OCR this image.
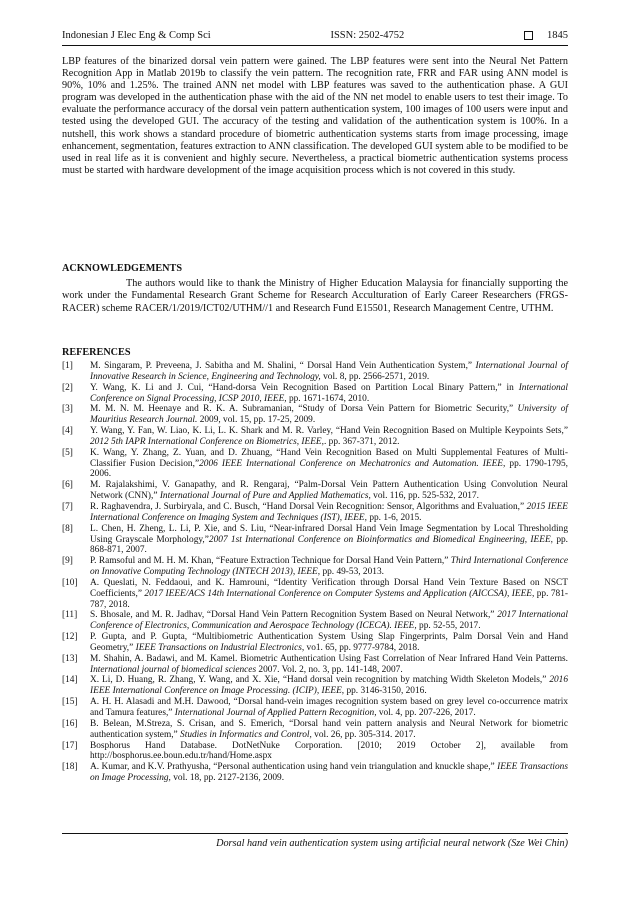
Indonesian J Elec Eng & Comp Sci	ISSN: 2502-4752	1845

LBP features of the binarized dorsal vein pattern were gained. The LBP features were sent into the Neural Net Pattern Recognition App in Matlab 2019b to classify the vein pattern. The recognition rate, FRR and FAR using ANN model is 90%, 10% and 1.25%. The trained ANN net model with LBP features was saved to the authentication phase. A GUI program was developed in the authentication phase with the aid of the NN net model to enable users to test their image. To evaluate the performance accuracy of the dorsal vein pattern authentication system, 100 images of 100 users were input and tested using the developed GUI. The accuracy of the testing and validation of the authentication system is 100%. In a nutshell, this work shows a standard procedure of biometric authentication systems starts from image processing, image enhancement, segmentation, features extraction to ANN classification. The developed GUI system able to be modified to be used in real life as it is convenient and highly secure. Nevertheless, a practical biometric authentication systems process must be started with hardware development of the image acquisition process which is not covered in this study.

ACKNOWLEDGEMENTS

The authors would like to thank the Ministry of Higher Education Malaysia for financially supporting the work under the Fundamental Research Grant Scheme for Research Acculturation of Early Career Researchers (FRGS-RACER) scheme RACER/1/2019/ICT02/UTHM//1 and Research Fund E15501, Research Management Centre, UTHM.

REFERENCES

[1]	M. Singaram, P. Preveena, J. Sabitha and M. Shalini, “ Dorsal Hand Vein Authentication System,” International Journal of Innovative Research in Science, Engineering and Technology, vol. 8, pp. 2566-2571, 2019.
[2]	Y. Wang, K. Li and J. Cui, “Hand-dorsa Vein Recognition Based on Partition Local Binary Pattern,” in International Conference on Signal Processing, ICSP 2010, IEEE, pp. 1671-1674, 2010.
[3]	M. M. N. M. Heenaye and R. K. A. Subramanian, “Study of Dorsa Vein Pattern for Biometric Security,” University of Mauritius Research Journal. 2009, vol. 15, pp. 17-25, 2009.
[4]	Y. Wang, Y. Fan, W. Liao, K. Li, L. K. Shark and M. R. Varley, “Hand Vein Recognition Based on Multiple Keypoints Sets,” 2012 5th IAPR International Conference on Biometrics, IEEE,. pp. 367-371, 2012.
[5]	K. Wang, Y. Zhang, Z. Yuan, and D. Zhuang, “Hand Vein Recognition Based on Multi Supplemental Features of Multi-Classifier Fusion Decision,”2006 IEEE International Conference on Mechatronics and Automation. IEEE, pp. 1790-1795, 2006.
[6]	M. Rajalakshimi, V. Ganapathy, and R. Rengaraj, “Palm-Dorsal Vein Pattern Authentication Using Convolution Neural Network (CNN),” International Journal of Pure and Applied Mathematics, vol. 116, pp. 525-532, 2017.
[7]	R. Raghavendra, J. Surbiryala, and C. Busch, “Hand Dorsal Vein Recognition: Sensor, Algorithms and Evaluation,” 2015 IEEE International Conference on Imaging System and Techniques (IST), IEEE, pp. 1-6, 2015.
[8]	L. Chen, H. Zheng, L. Li, P. Xie, and S. Liu, “Near-infrared Dorsal Hand Vein Image Segmentation by Local Thresholding Using Grayscale Morphology,”2007 1st International Conference on Bioinformatics and Biomedical Engineering, IEEE, pp. 868-871, 2007.
[9]	P. Ramsoful and M. H. M. Khan, “Feature Extraction Technique for Dorsal Hand Vein Pattern,” Third International Conference on Innovative Computing Technology (INTECH 2013), IEEE, pp. 49-53, 2013.
[10]	A. Queslati, N. Feddaoui, and K. Hamrouni, “Identity Verification through Dorsal Hand Vein Texture Based on NSCT Coefficients,” 2017 IEEE/ACS 14th International Conference on Computer Systems and Application (AICCSA), IEEE, pp. 781-787, 2018.
[11]	S. Bhosale, and M. R. Jadhav, “Dorsal Hand Vein Pattern Recognition System Based on Neural Network,” 2017 International Conference of Electronics, Communication and Aerospace Technology (ICECA). IEEE, pp. 52-55, 2017.
[12]	P. Gupta, and P. Gupta, “Multibiometric Authentication System Using Slap Fingerprints, Palm Dorsal Vein and Hand Geometry,” IEEE Transactions on Industrial Electronics, vo1. 65, pp. 9777-9784, 2018.
[13]	M. Shahin, A. Badawi, and M. Kamel. Biometric Authentication Using Fast Correlation of Near Infrared Hand Vein Patterns. International journal of biomedical sciences 2007. Vol. 2, no. 3, pp. 141-148, 2007.
[14]	X. Li, D. Huang, R. Zhang, Y. Wang, and X. Xie, “Hand dorsal vein recognition by matching Width Skeleton Models,” 2016 IEEE International Conference on Image Processing. (ICIP), IEEE, pp. 3146-3150, 2016.
[15]	A. H. H. Alasadi and M.H. Dawood, “Dorsal hand-vein images recognition system based on grey level co-occurrence matrix and Tamura features,” International Journal of Applied Pattern Recognition, vol. 4, pp. 207-226, 2017.
[16]	B. Belean, M.Streza, S. Crisan, and S. Emerich, “Dorsal hand vein pattern analysis and Neural Network for biometric authentication system,” Studies in Informatics and Control, vol. 26, pp. 305-314. 2017.
[17]	Bosphorus Hand Database. DotNetNuke Corporation. [2010; 2019 October 2], available from http://bosphorus.ee.boun.edu.tr/hand/Home.aspx
[18]	A. Kumar, and K.V. Prathyusha, “Personal authentication using hand vein triangulation and knuckle shape,” IEEE Transactions on Image Processing, vol. 18, pp. 2127-2136, 2009.
Dorsal hand vein authentication system using artificial neural network (Sze Wei Chin)
